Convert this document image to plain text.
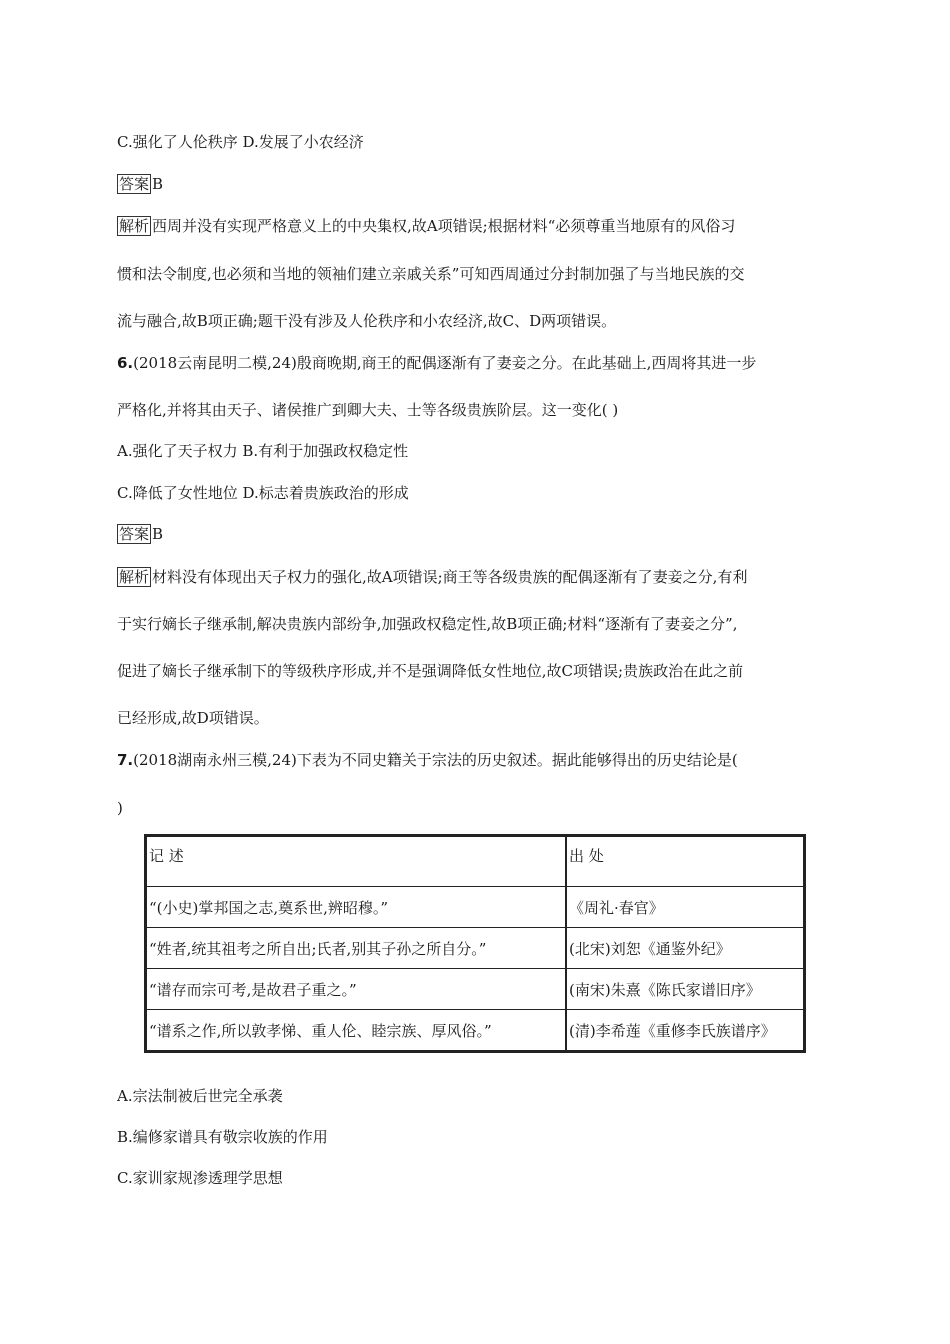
C.强化了人伦秩序 D.发展了小农经济
答案 B
解析 西周并没有实现严格意义上的中央集权,故A项错误;根据材料“必须尊重当地原有的风俗习
惯和法令制度,也必须和当地的领袖们建立亲戚关系”可知西周通过分封制加强了与当地民族的交
流与融合,故B项正确;题干没有涉及人伦秩序和小农经济,故C、D两项错误。
6.(2018云南昆明二模,24)殷商晚期,商王的配偶逐渐有了妻妾之分。在此基础上,西周将其进一步
严格化,并将其由天子、诸侯推广到卿大夫、士等各级贵族阶层。这一变化( )
A.强化了天子权力 B.有利于加强政权稳定性
C.降低了女性地位 D.标志着贵族政治的形成
答案 B
解析 材料没有体现出天子权力的强化,故A项错误;商王等各级贵族的配偶逐渐有了妻妾之分,有利
于实行嫡长子继承制,解决贵族内部纷争,加强政权稳定性,故B项正确;材料“逐渐有了妻妾之分”,
促进了嫡长子继承制下的等级秩序形成,并不是强调降低女性地位,故C项错误;贵族政治在此之前
已经形成,故D项错误。
7.(2018湖南永州三模,24)下表为不同史籍关于宗法的历史叙述。据此能够得出的历史结论是(
)
记 述	出 处
“(小史)掌邦国之志,奠系世,辨昭穆。”	《周礼·春官》
“姓者,统其祖考之所自出;氏者,别其子孙之所自分。”	(北宋)刘恕《通鉴外纪》
“谱存而宗可考,是故君子重之。”	(南宋)朱熹《陈氏家谱旧序》
“谱系之作,所以敦孝悌、重人伦、睦宗族、厚风俗。”	(清)李希莲《重修李氏族谱序》
A.宗法制被后世完全承袭
B.编修家谱具有敬宗收族的作用
C.家训家规渗透理学思想
